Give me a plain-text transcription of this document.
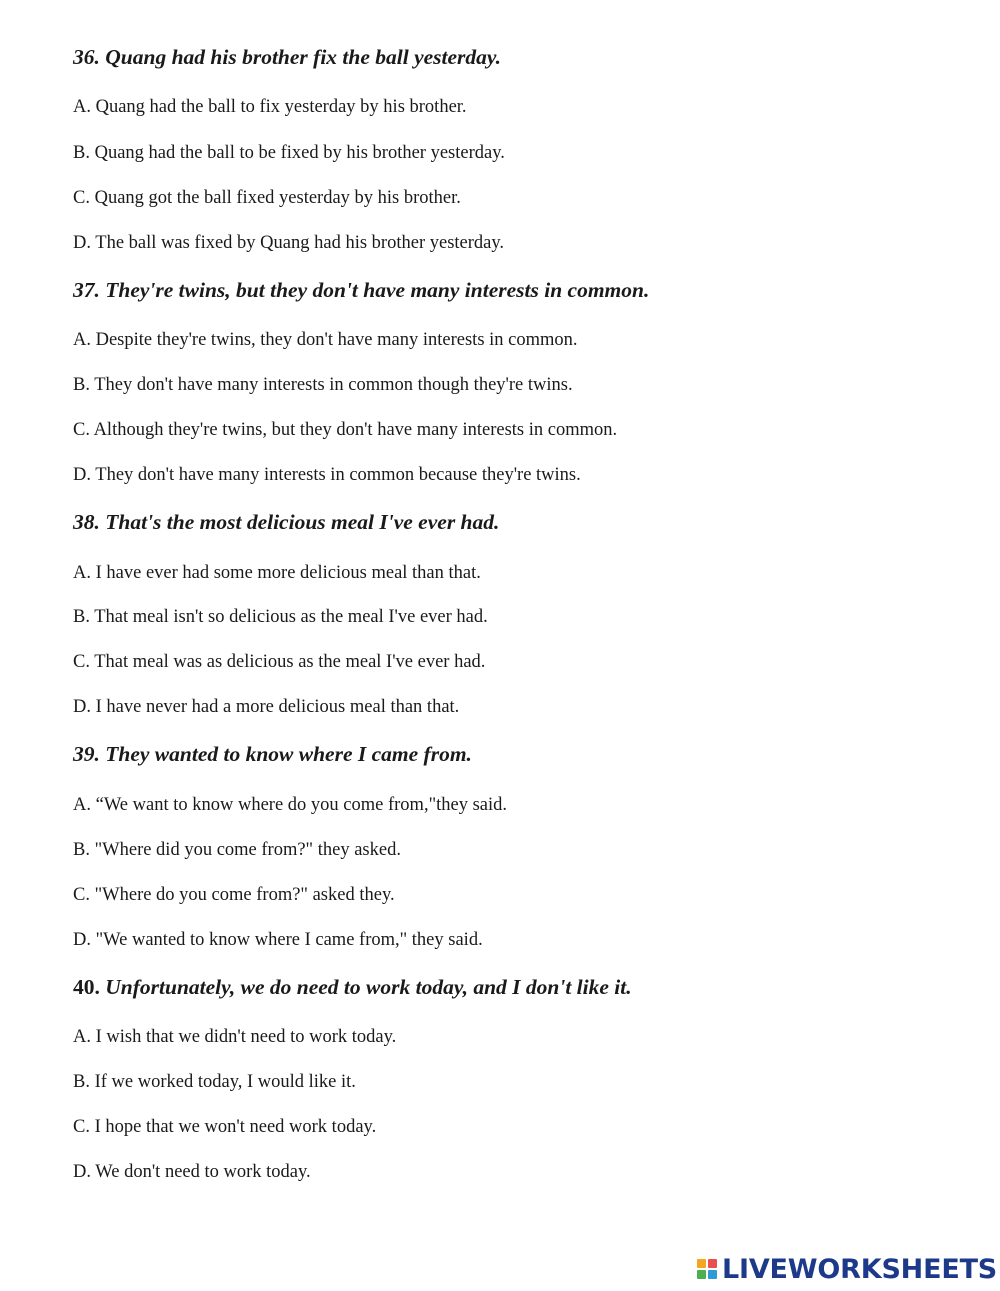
36. Quang had his brother fix the ball yesterday.
A. Quang had the ball to fix yesterday by his brother.
B. Quang had the ball to be fixed by his brother yesterday.
C. Quang got the ball fixed yesterday by his brother.
D. The ball was fixed by Quang had his brother yesterday.
37. They're twins, but they don't have many interests in common.
A. Despite they're twins, they don't have many interests in common.
B. They don't have many interests in common though they're twins.
C. Although they're twins, but they don't have many interests in common.
D. They don't have many interests in common because they're twins.
38. That's the most delicious meal I've ever had.
A. I have ever had some more delicious meal than that.
B. That meal isn't so delicious as the meal I've ever had.
C. That meal was as delicious as the meal I've ever had.
D. I have never had a more delicious meal than that.
39. They wanted to know where I came from.
A. “We want to know where do you come from,"they said.
B. "Where did you come from?" they asked.
C. "Where do you come from?" asked they.
D. "We wanted to know where I came from," they said.
40. Unfortunately, we do need to work today, and I don't like it.
A. I wish that we didn't need to work today.
B. If we worked today, I would like it.
C. I hope that we won't need work today.
D. We don't need to work today.
LIVEWORKSHEETS
